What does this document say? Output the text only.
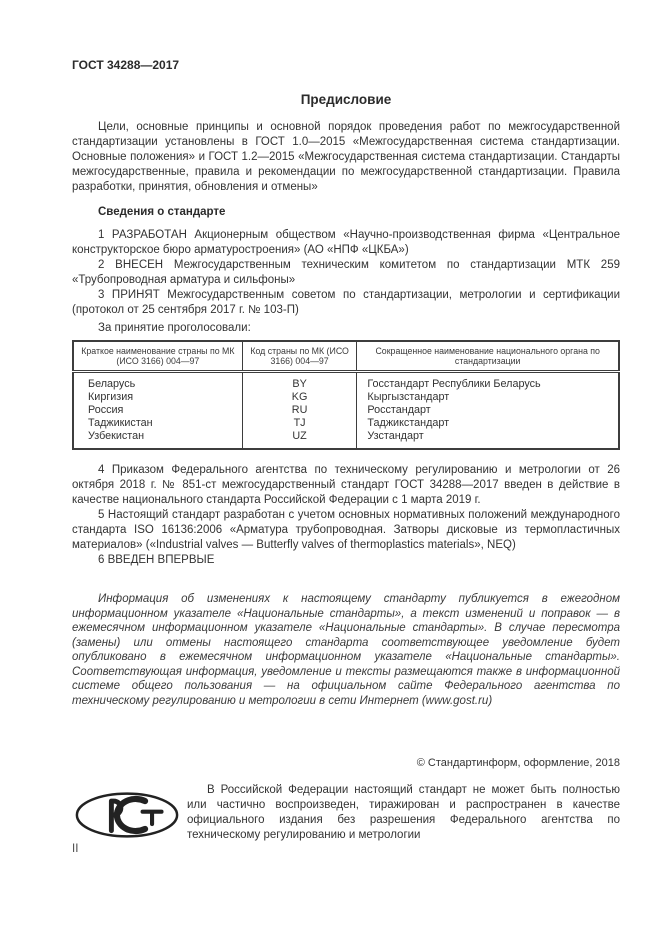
ГОСТ 34288—2017
Предисловие

Цели, основные принципы и основной порядок проведения работ по межгосударственной стандартизации установлены в ГОСТ 1.0—2015 «Межгосударственная система стандартизации. Основные положения» и ГОСТ 1.2—2015 «Межгосударственная система стандартизации. Стандарты межгосударственные, правила и рекомендации по межгосударственной стандартизации. Правила разработки, принятия, обновления и отмены»

Сведения о стандарте

1 РАЗРАБОТАН Акционерным обществом «Научно-производственная фирма «Центральное конструкторское бюро арматуростроения» (АО «НПФ «ЦКБА»)

2 ВНЕСЕН Межгосударственным техническим комитетом по стандартизации МТК 259 «Трубопроводная арматура и сильфоны»

3 ПРИНЯТ Межгосударственным советом по стандартизации, метрологии и сертификации (протокол от 25 сентября 2017 г. № 103-П)

За принятие проголосовали:

Краткое наименование страны по МК (ИСО 3166) 004—97	Код страны по МК (ИСО 3166) 004—97	Сокращенное наименование национального органа по стандартизации
Беларусь	BY	Госстандарт Республики Беларусь
Киргизия	KG	Кыргызстандарт
Россия	RU	Росстандарт
Таджикистан	TJ	Таджикстандарт
Узбекистан	UZ	Узстандарт

4 Приказом Федерального агентства по техническому регулированию и метрологии от 26 октября 2018 г. № 851-ст межгосударственный стандарт ГОСТ 34288—2017 введен в действие в качестве национального стандарта Российской Федерации с 1 марта 2019 г.

5 Настоящий стандарт разработан с учетом основных нормативных положений международного стандарта ISO 16136:2006 «Арматура трубопроводная. Затворы дисковые из термопластичных материалов» («Industrial valves — Butterfly valves of thermoplastics materials», NEQ)

6 ВВЕДЕН ВПЕРВЫЕ

Информация об изменениях к настоящему стандарту публикуется в ежегодном информационном указателе «Национальные стандарты», а текст изменений и поправок — в ежемесячном информационном указателе «Национальные стандарты». В случае пересмотра (замены) или отмены настоящего стандарта соответствующее уведомление будет опубликовано в ежемесячном информационном указателе «Национальные стандарты». Соответствующая информация, уведомление и тексты размещаются также в информационной системе общего пользования — на официальном сайте Федерального агентства по техническому регулированию и метрологии в сети Интернет (www.gost.ru)

© Стандартинформ, оформление, 2018

В Российской Федерации настоящий стандарт не может быть полностью или частично воспроизведен, тиражирован и распространен в качестве официального издания без разрешения Федерального агентства по техническому регулированию и метрологии

II
